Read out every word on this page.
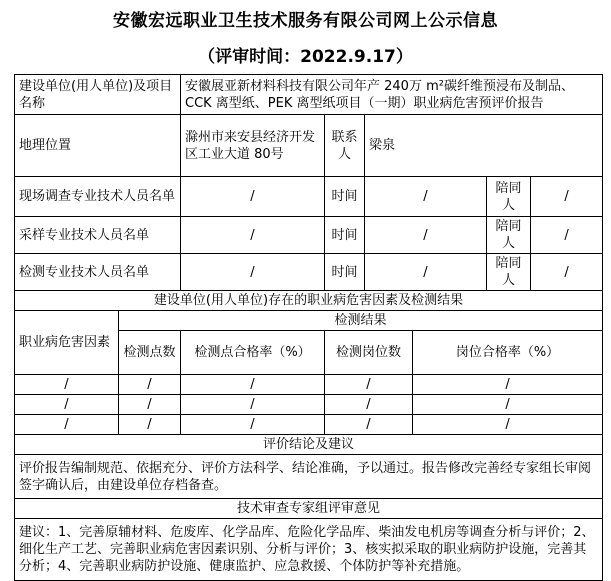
安徽宏远职业卫生技术服务有限公司网上公示信息
（评审时间：2022.9.17）
建设单位(用人单位)及项目名称		安徽展亚新材料科技有限公司年产 240万 m²碳纤维预浸布及制品、CCK 离型纸、PEK 离型纸项目（一期）职业病危害预评价报告					
地理位置		滁州市来安县经济开发区工业大道 80号	联系人	梁泉			
现场调查专业技术人员名单		/	时间	/		陪同人	/
采样专业技术人员名单		/	时间	/		陪同人	/
检测专业技术人员名单		/	时间	/		陪同人	/
建设单位(用人单位)存在的职业病危害因素及检测结果							
职业病危害因素	检测结果						
	检测点数	检测点合格率（%）	检测岗位数		岗位合格率（%）		
/	/	/	/		/		
/	/	/	/		/		
/	/	/	/		/		
评价结论及建议							
评价报告编制规范、依据充分、评价方法科学、结论准确，予以通过。报告修改完善经专家组长审阅签字确认后，由建设单位存档备查。							
技术审查专家组评审意见							
建议：1、完善原辅材料、危废库、化学品库、危险化学品库、柴油发电机房等调查分析与评价；2、细化生产工艺、完善职业病危害因素识别、分析与评价；3、核实拟采取的职业病防护设施，完善其分析；4、完善职业病防护设施、健康监护、应急救援、个体防护等补充措施。							
